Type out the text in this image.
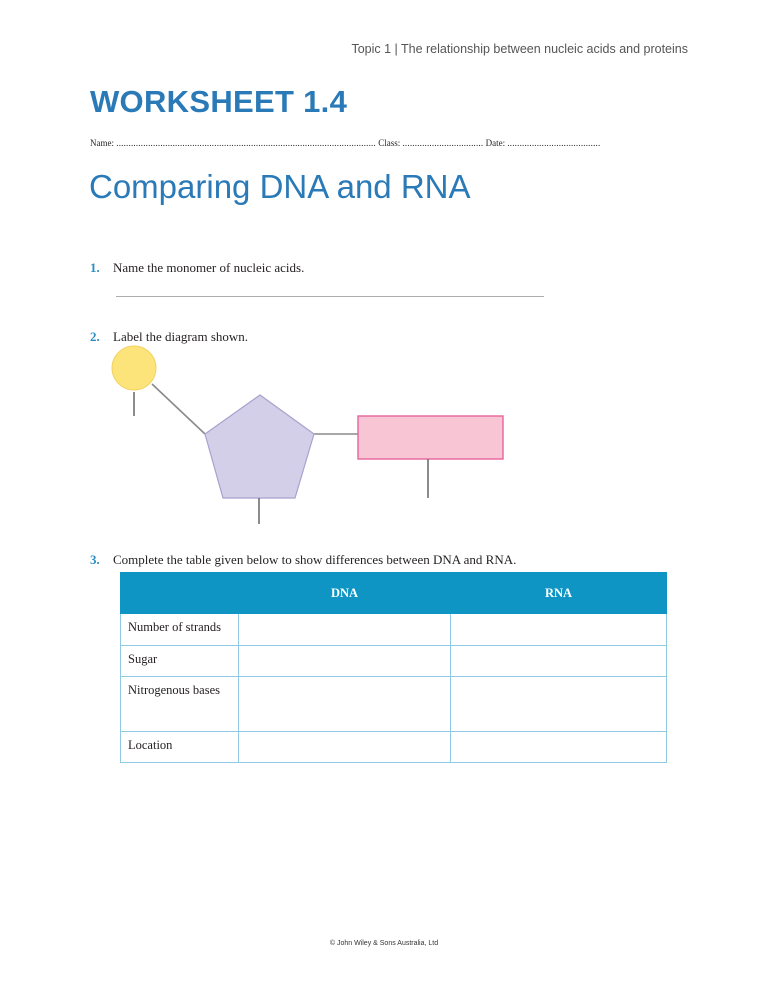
Topic 1 | The relationship between nucleic acids and proteins
WORKSHEET 1.4
Name: .......................................................................................................... Class: ................................. Date: ......................................
Comparing DNA and RNA
1. Name the monomer of nucleic acids.
......................................................................................................................................................................................................................
2. Label the diagram shown.
3. Complete the table given below to show differences between DNA and RNA.
	DNA	RNA
Number of strands		
Sugar		
Nitrogenous bases		
Location		
© John Wiley & Sons Australia, Ltd
